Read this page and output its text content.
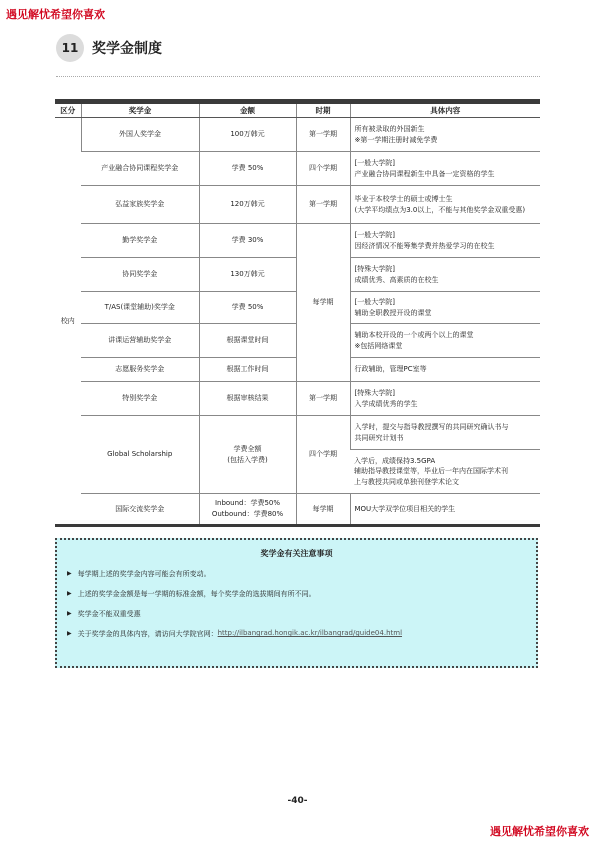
遇见解忧希望你喜欢
11 奖学金制度
区分	奖学金	金额	时期	具体内容
校内	外国人奖学金	100万韩元	第一学期	所有被录取的外国新生
※第一学期注册时减免学费

	产业融合协同课程奖学金	学费 50%	四个学期	[一般大学院]
产业融合协同课程新生中具备一定资格的学生

	弘益家族奖学金	120万韩元	第一学期	毕业于本校学士的硕士或博士生
(大学平均绩点为3.0以上，不能与其他奖学金双重受惠)

	勤学奖学金	学费 30%	每学期	[一般大学院]
因经济情况不能筹集学费并热爱学习的在校生

	协同奖学金	130万韩元		[特殊大学院]
成绩优秀、高素质的在校生

	T/AS(课堂辅助)奖学金	学费 50%		[一般大学院]
辅助全职教授开设的课堂

	讲课运营辅助奖学金	根据课堂时间		辅助本校开设的一个或两个以上的课堂
※包括网络课堂

	志愿服务奖学金	根据工作时间		行政辅助，管理PC室等

	特别奖学金	根据审核结果	第一学期	[特殊大学院]
入学成绩优秀的学生

	Global Scholarship	学费全额
(包括入学费)	四个学期	入学时，提交与指导教授撰写的共同研究确认书与
共同研究计划书

				入学后，成绩保持3.5GPA
辅助指导教授课堂等，毕业后一年内在国际学术刊
上与教授共同或单独刊登学术论文

	国际交流奖学金	Inbound：学费50%
Outbound：学费80%	每学期	MOU大学双学位项目相关的学生
奖学金有关注意事项
▶ 每学期上述的奖学金内容可能会有所变动。
▶ 上述的奖学金金额是每一学期的标准金额，每个奖学金的选拔期间有所不同。
▶ 奖学金不能双重受惠
▶ 关于奖学金的具体内容，请访问大学院官网： http://ilbangrad.hongik.ac.kr/ilbangrad/guide04.html
-40-
遇见解忧希望你喜欢
